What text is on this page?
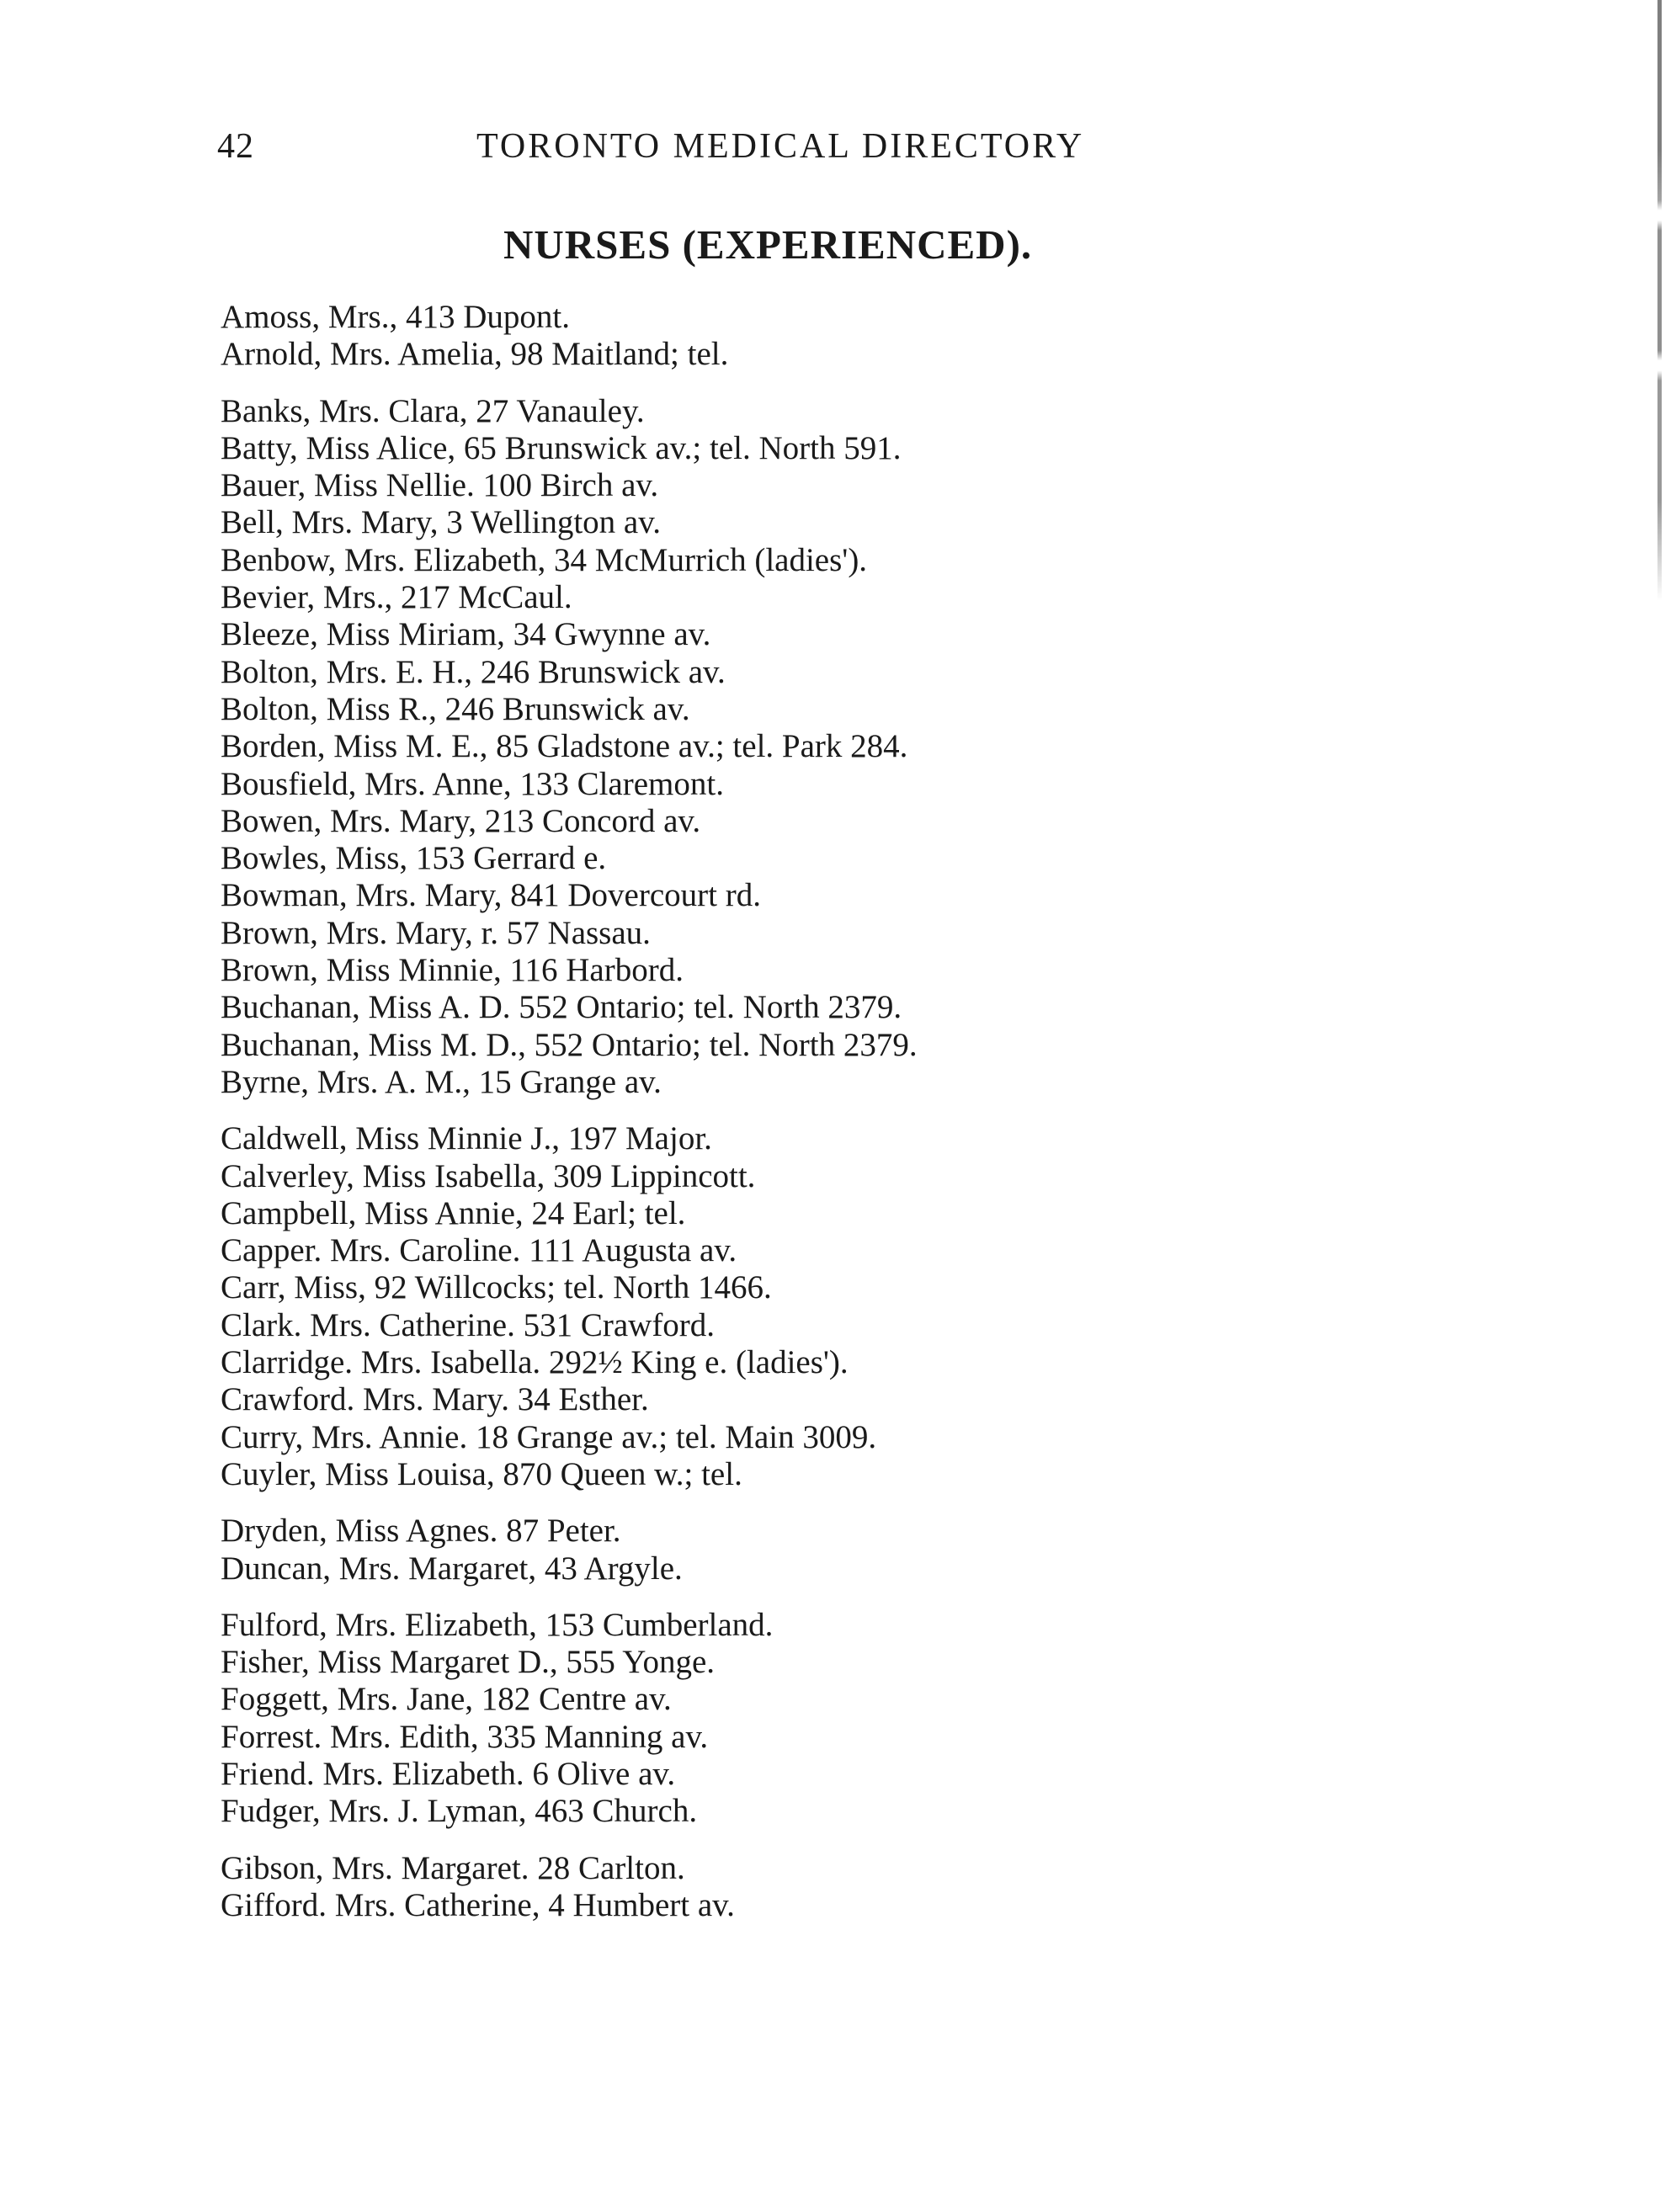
42	TORONTO MEDICAL DIRECTORY
NURSES (EXPERIENCED).
Amoss, Mrs., 413 Dupont.
Arnold, Mrs. Amelia, 98 Maitland; tel.
Banks, Mrs. Clara, 27 Vanauley.
Batty, Miss Alice, 65 Brunswick av.; tel. North 591.
Bauer, Miss Nellie. 100 Birch av.
Bell, Mrs. Mary, 3 Wellington av.
Benbow, Mrs. Elizabeth, 34 McMurrich (ladies').
Bevier, Mrs., 217 McCaul.
Bleeze, Miss Miriam, 34 Gwynne av.
Bolton, Mrs. E. H., 246 Brunswick av.
Bolton, Miss R., 246 Brunswick av.
Borden, Miss M. E., 85 Gladstone av.; tel. Park 284.
Bousfield, Mrs. Anne, 133 Claremont.
Bowen, Mrs. Mary, 213 Concord av.
Bowles, Miss, 153 Gerrard e.
Bowman, Mrs. Mary, 841 Dovercourt rd.
Brown, Mrs. Mary, r. 57 Nassau.
Brown, Miss Minnie, 116 Harbord.
Buchanan, Miss A. D. 552 Ontario; tel. North 2379.
Buchanan, Miss M. D., 552 Ontario; tel. North 2379.
Byrne, Mrs. A. M., 15 Grange av.
Caldwell, Miss Minnie J., 197 Major.
Calverley, Miss Isabella, 309 Lippincott.
Campbell, Miss Annie, 24 Earl; tel.
Capper. Mrs. Caroline. 111 Augusta av.
Carr, Miss, 92 Willcocks; tel. North 1466.
Clark. Mrs. Catherine. 531 Crawford.
Clarridge. Mrs. Isabella. 292½ King e. (ladies').
Crawford. Mrs. Mary. 34 Esther.
Curry, Mrs. Annie. 18 Grange av.; tel. Main 3009.
Cuyler, Miss Louisa, 870 Queen w.; tel.
Dryden, Miss Agnes. 87 Peter.
Duncan, Mrs. Margaret, 43 Argyle.
Fulford, Mrs. Elizabeth, 153 Cumberland.
Fisher, Miss Margaret D., 555 Yonge.
Foggett, Mrs. Jane, 182 Centre av.
Forrest. Mrs. Edith, 335 Manning av.
Friend. Mrs. Elizabeth. 6 Olive av.
Fudger, Mrs. J. Lyman, 463 Church.
Gibson, Mrs. Margaret. 28 Carlton.
Gifford. Mrs. Catherine, 4 Humbert av.
